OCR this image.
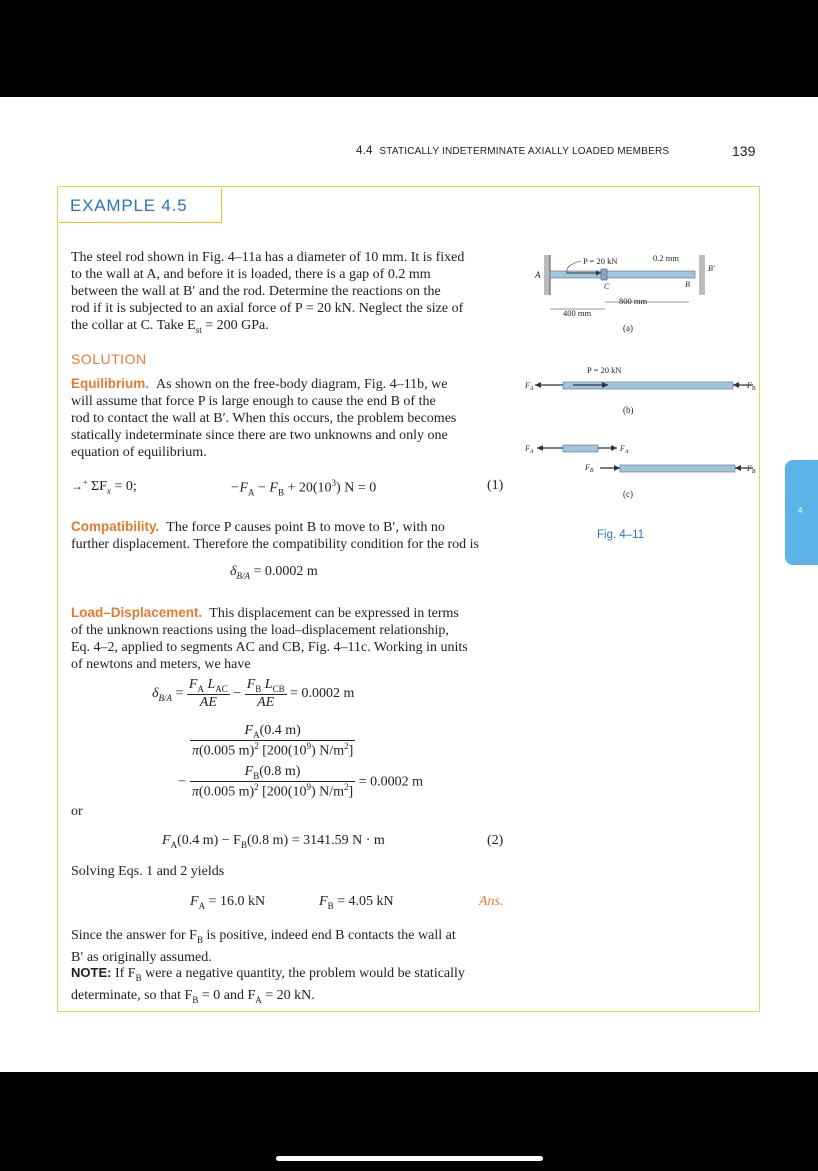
4.4 STATICALLY INDETERMINATE AXIALLY LOADED MEMBERS	139
EXAMPLE 4.5
The steel rod shown in Fig. 4–11a has a diameter of 10 mm. It is fixed
to the wall at A, and before it is loaded, there is a gap of 0.2 mm
between the wall at B′ and the rod. Determine the reactions on the
rod if it is subjected to an axial force of P = 20 kN. Neglect the size of
the collar at C. Take $E_{st} = 200$ GPa.
SOLUTION
Equilibrium. As shown on the free-body diagram, Fig. 4–11b, we
will assume that force P is large enough to cause the end B of the
rod to contact the wall at B′. When this occurs, the problem becomes
statically indeterminate since there are two unknowns and only one
equation of equilibrium.
→+ $\Sigma F_x = 0$;	$-F_A - F_B + 20(10^3) N = 0$	(1)
Compatibility. The force P causes point B to move to B′, with no
further displacement. Therefore the compatibility condition for the rod is
$\delta_{B/A} = 0.0002$ m
Load–Displacement. This displacement can be expressed in terms
of the unknown reactions using the load–displacement relationship,
Eq. 4–2, applied to segments AC and CB, Fig. 4–11c. Working in units
of newtons and meters, we have
$\delta_{B/A} = \frac{F_A L_{AC}}{AE} - \frac{F_B L_{CB}}{AE} = 0.0002$ m
$\frac{F_A(0.4 m)}{\pi(0.005 m)^2 [200(10^9) N/m^2]}$
− $\frac{F_B(0.8 m)}{\pi(0.005 m)^2 [200(10^9) N/m^2]} = 0.0002$ m
or
$F_A(0.4$ $m) - F_B(0.8$ m) = 3141.59 N · m	(2)
Solving Eqs. 1 and 2 yields
$F_A = 16.0$ kN	$F_B = 4.05$ kN	Ans.
Since the answer for $F_B$ is positive, indeed end B contacts the wall at
B′ as originally assumed.
NOTE: If $F_B$ were a negative quantity, the problem would be statically
determinate, so that $F_B = 0$ and $F_A = 20$ kN.
A
B′
B
C
P = 20 kN	0.2 mm
800 mm
400 mm
(a)
P = 20 kN
$F_A$	$F_B$
(b)
$F_A$	$F_A$
$F_B$	$F_B$
(c)
Fig. 4–11
4
